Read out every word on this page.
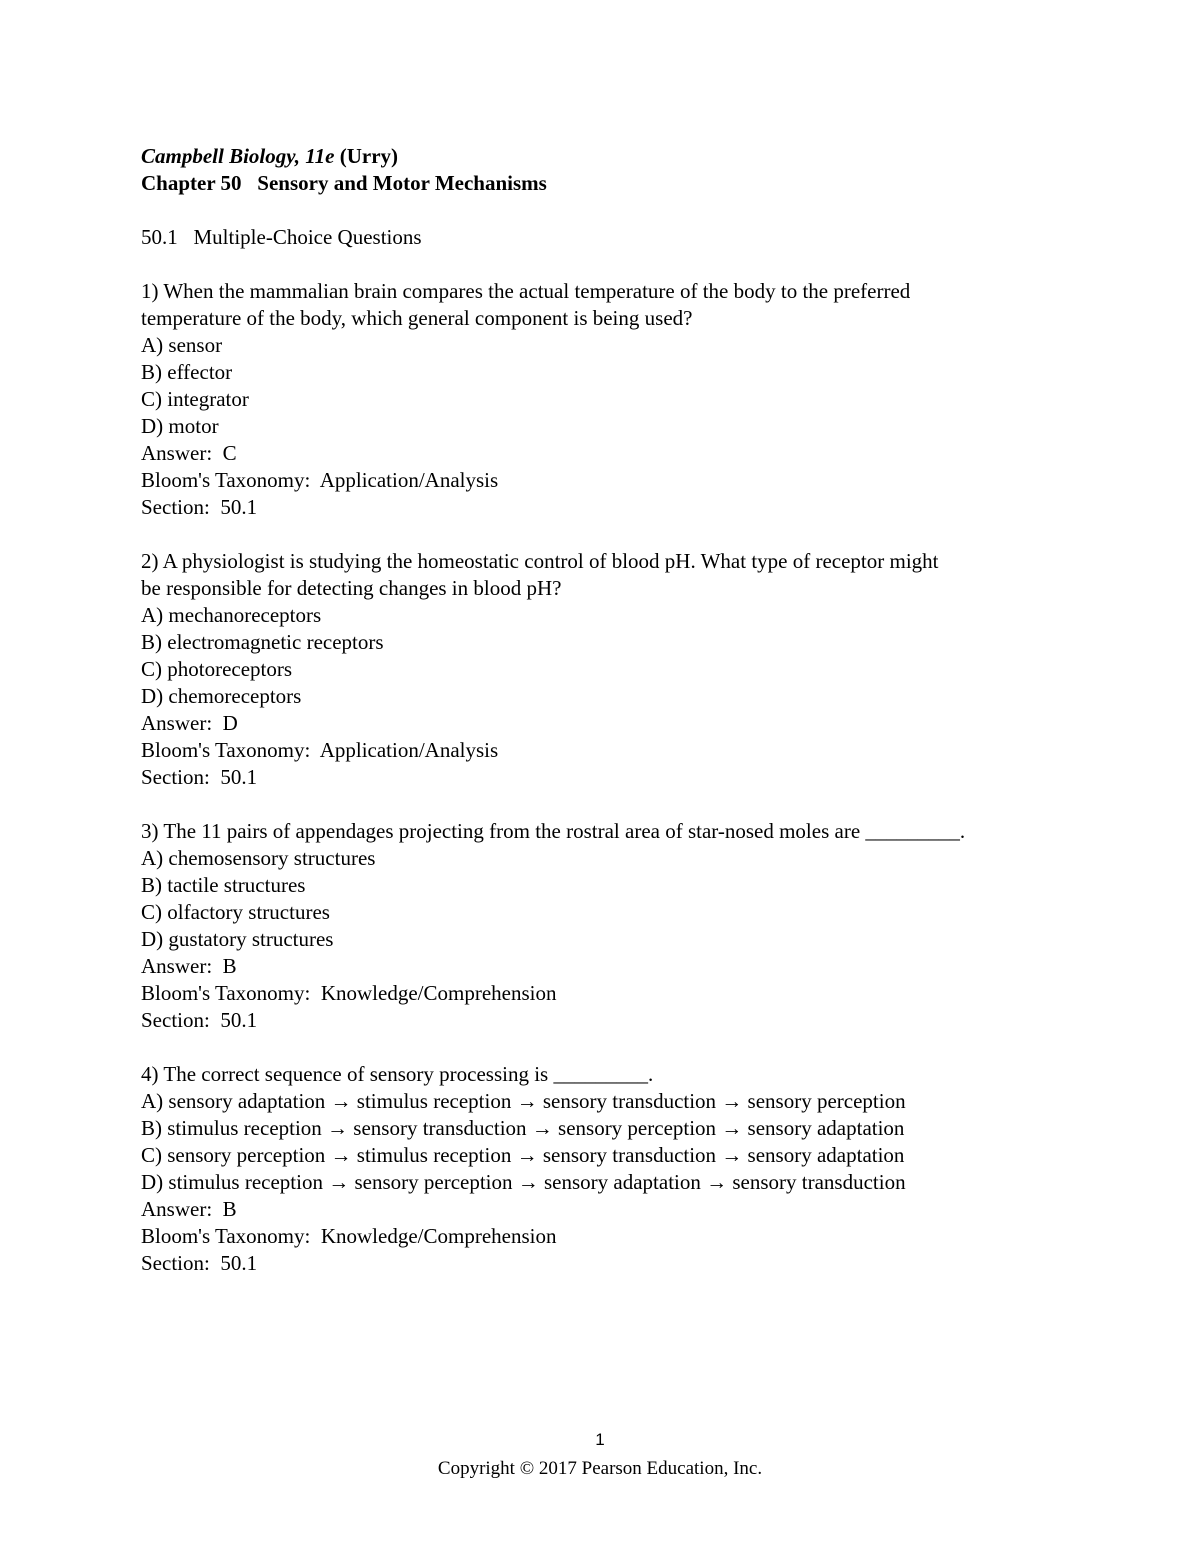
Campbell Biology, 11e (Urry)
Chapter 50   Sensory and Motor Mechanisms
50.1   Multiple-Choice Questions
1) When the mammalian brain compares the actual temperature of the body to the preferred
temperature of the body, which general component is being used?
A) sensor
B) effector
C) integrator
D) motor
Answer:  C
Bloom's Taxonomy:  Application/Analysis
Section:  50.1
2) A physiologist is studying the homeostatic control of blood pH. What type of receptor might
be responsible for detecting changes in blood pH?
A) mechanoreceptors
B) electromagnetic receptors
C) photoreceptors
D) chemoreceptors
Answer:  D
Bloom's Taxonomy:  Application/Analysis
Section:  50.1
3) The 11 pairs of appendages projecting from the rostral area of star-nosed moles are _________.
A) chemosensory structures
B) tactile structures
C) olfactory structures
D) gustatory structures
Answer:  B
Bloom's Taxonomy:  Knowledge/Comprehension
Section:  50.1
4) The correct sequence of sensory processing is _________.
A) sensory adaptation → stimulus reception → sensory transduction → sensory perception
B) stimulus reception → sensory transduction → sensory perception → sensory adaptation
C) sensory perception → stimulus reception → sensory transduction → sensory adaptation
D) stimulus reception → sensory perception → sensory adaptation → sensory transduction
Answer:  B
Bloom's Taxonomy:  Knowledge/Comprehension
Section:  50.1
1
Copyright © 2017 Pearson Education, Inc.
